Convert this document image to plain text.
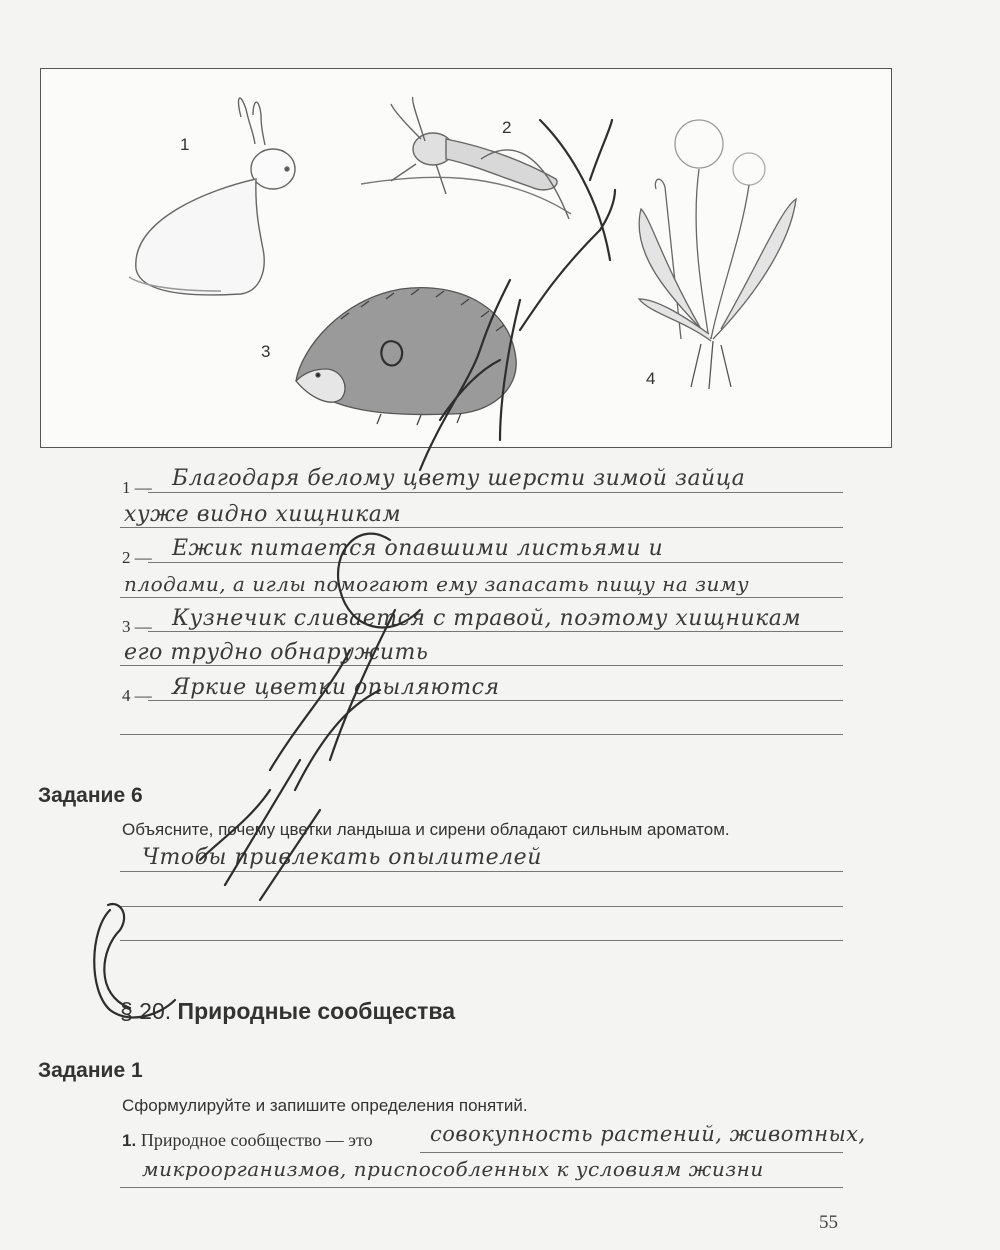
1
2
3
4
1 —
2 —
3 —
4 —
Благодаря белому цвету шерсти зимой зайца
хуже видно хищникам
Ежик питается опавшими листьями и
плодами, а иглы помогают ему запасать пищу на зиму
Кузнечик сливается с травой, поэтому хищникам
его трудно обнаружить
Яркие цветки опыляются
Задание 6
Объясните, почему цветки ландыша и сирени обладают сильным ароматом.
Чтобы привлекать опылителей
§ 20. Природные сообщества
Задание 1
Сформулируйте и запишите определения понятий.
1. Природное сообщество — это	совокупность растений, животных,
микроорганизмов, приспособленных к условиям жизни
55
